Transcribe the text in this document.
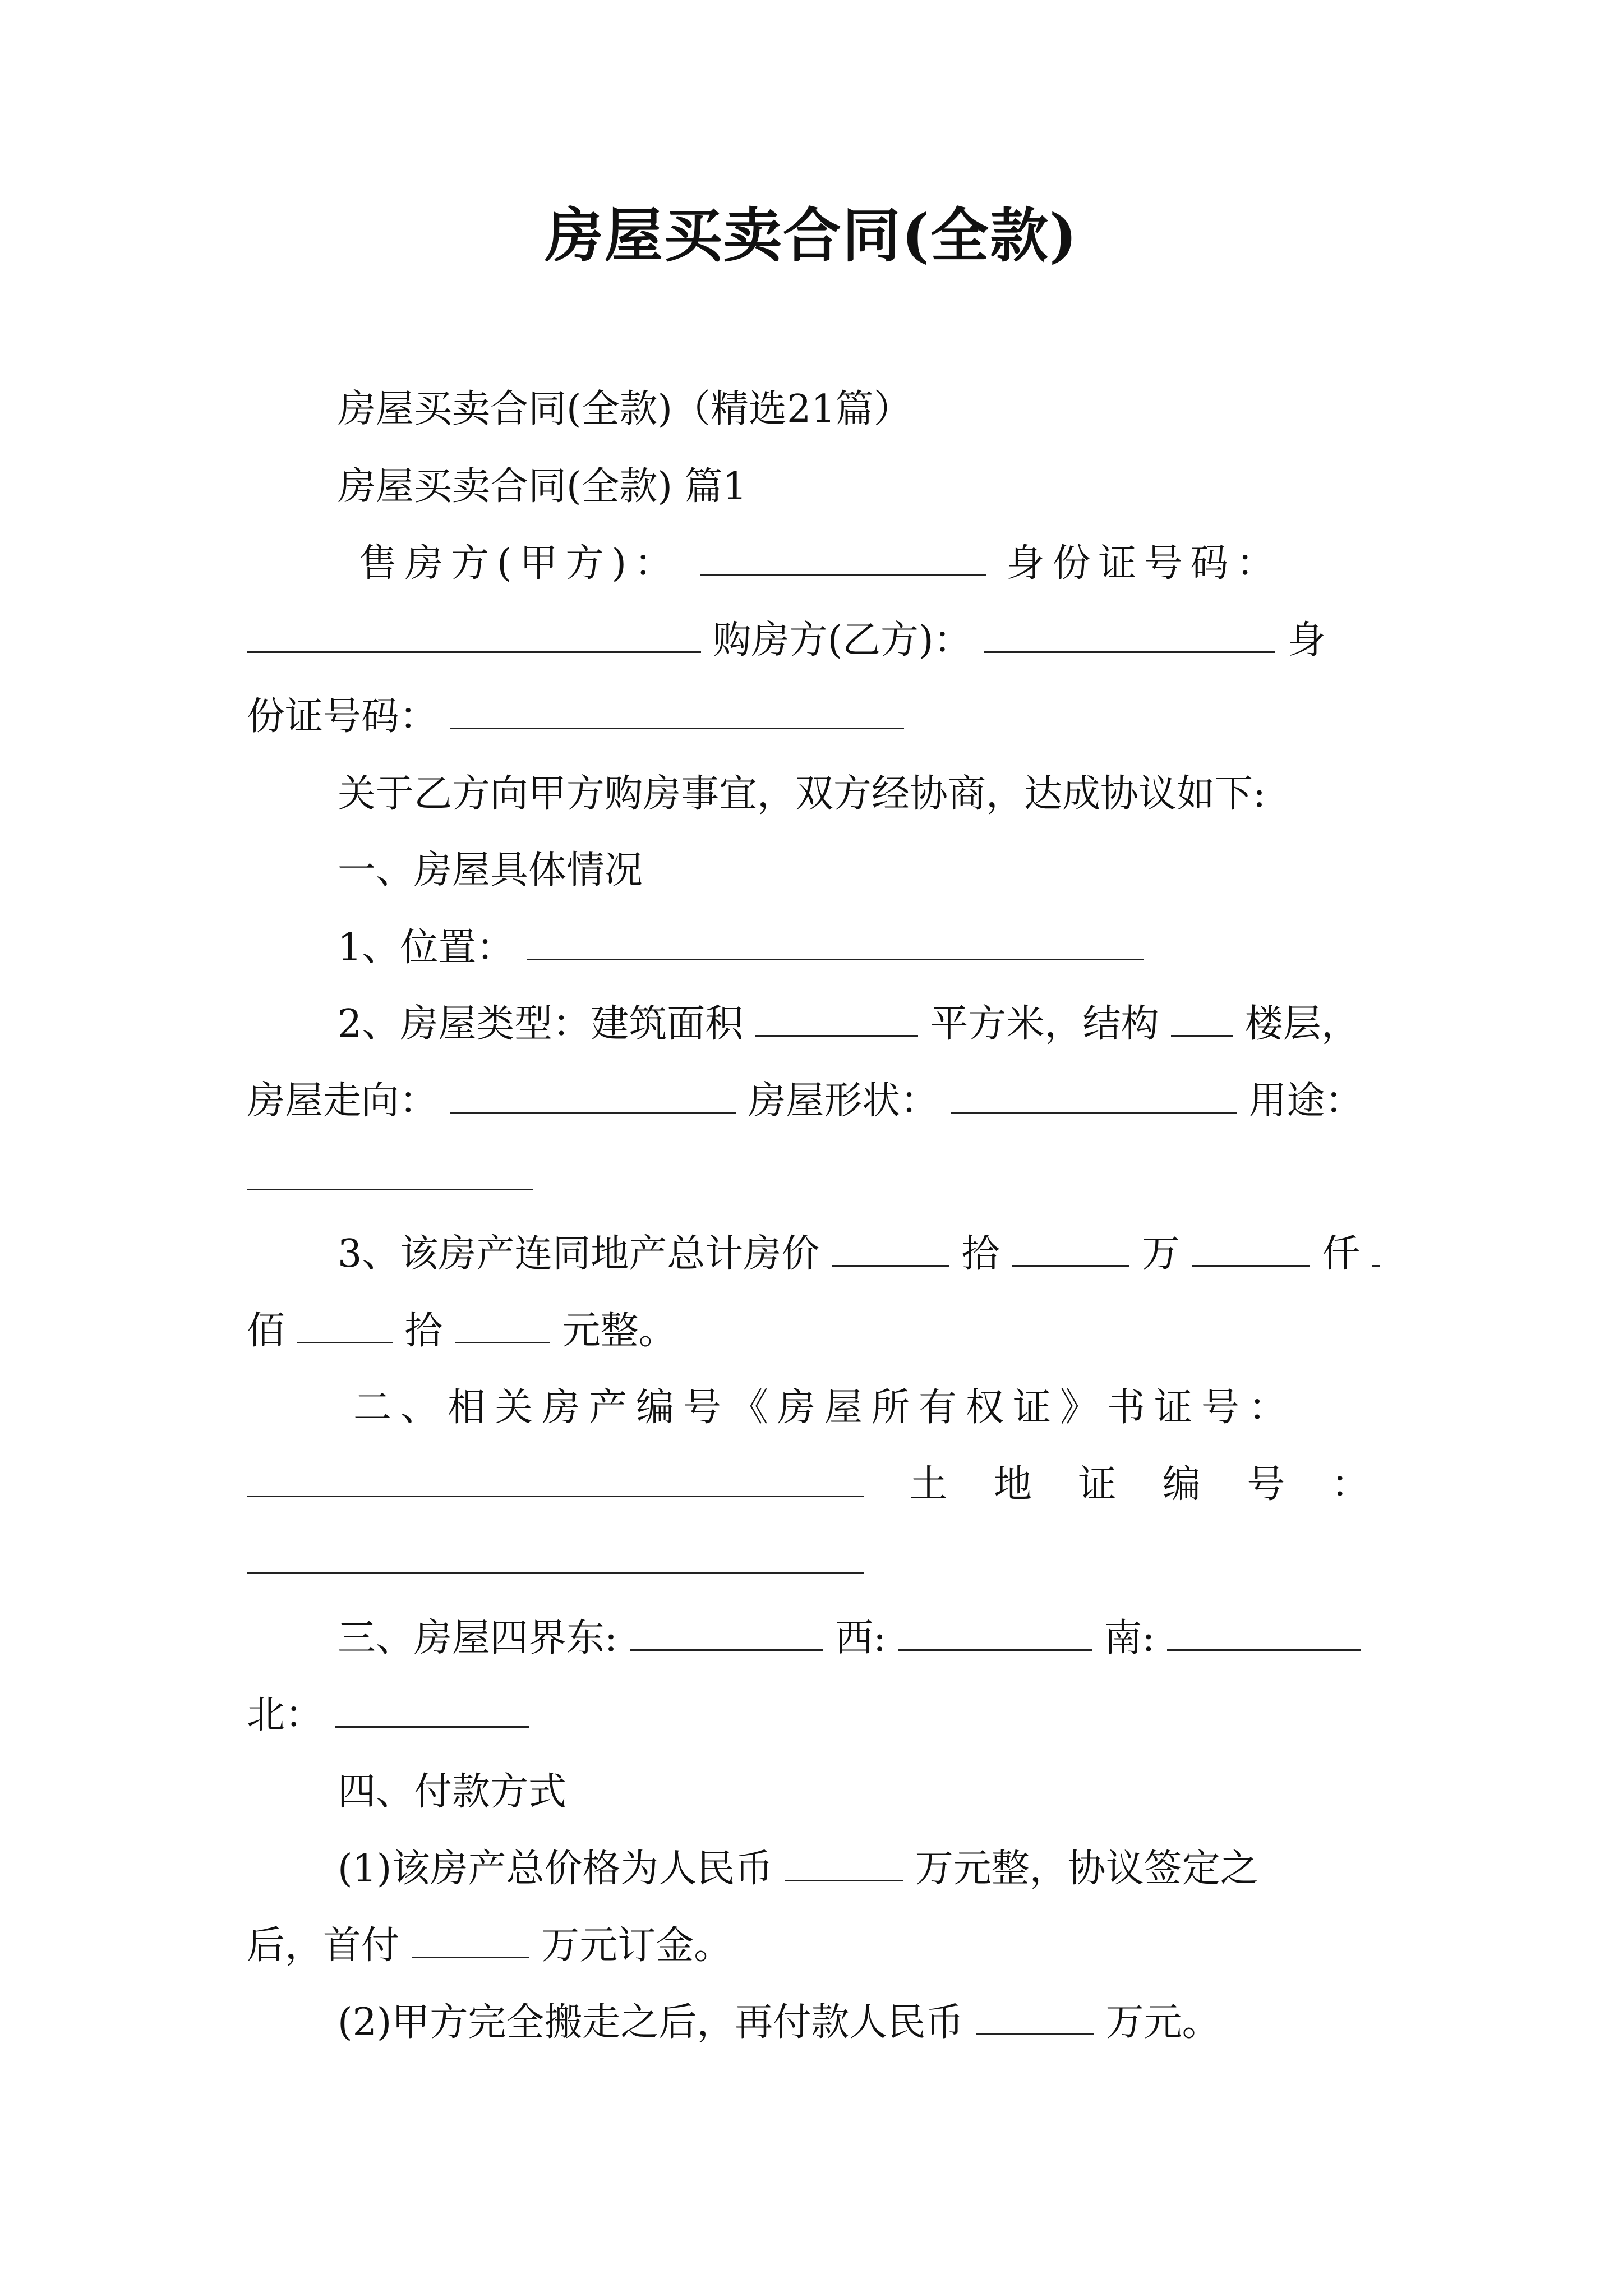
房屋买卖合同(全款)
房屋买卖合同(全款)（精选21篇）
房屋买卖合同(全款) 篇1
售房方(甲方)：	身份证号码：
购房方(乙方)：	身
份证号码：
关于乙方向甲方购房事宜，双方经协商，达成协议如下:
一、房屋具体情况
1、位置：
2、房屋类型：建筑面积	平方米，结构 楼层，
房屋走向：	房屋形状：	用途：
3、该房产连同地产总计房价	拾	万	仟
佰	拾	元整。
二、相关房产编号《房屋所有权证》书证号：
土 地 证 编 号 ：
三、房屋四界东:	西:	南:
北：
四、付款方式
(1)该房产总价格为人民币	万元整，协议签定之
后，首付	万元订金。
(2)甲方完全搬走之后，再付款人民币	万元。
